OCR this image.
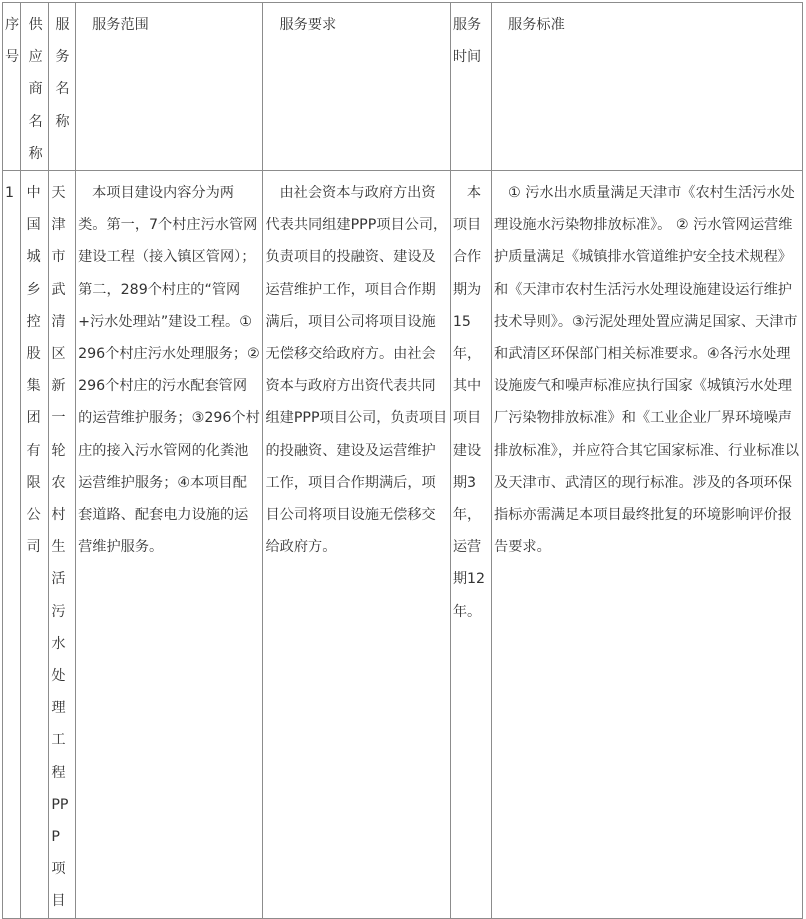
序号	供应商名称	服务名称	服务范围	服务要求	服务时间	服务标准
1	中国城乡控股集团有限公司	天津市武清区新一轮农村生活污水处理工程PPP项目	本项目建设内容分为两类。第一，7个村庄污水管网建设工程（接入镇区管网）；第二，289个村庄的“管网+污水处理站”建设工程。①296个村庄污水处理服务；②296个村庄的污水配套管网的运营维护服务；③296个村庄的接入污水管网的化粪池运营维护服务；④本项目配套道路、配套电力设施的运营维护服务。	由社会资本与政府方出资代表共同组建PPP项目公司，负责项目的投融资、建设及运营维护工作，项目合作期满后，项目公司将项目设施无偿移交给政府方。由社会资本与政府方出资代表共同组建PPP项目公司，负责项目的投融资、建设及运营维护工作，项目合作期满后，项目公司将项目设施无偿移交给政府方。	本项目合作期为15年，其中项目建设期3年，运营期12年。	① 污水出水质量满足天津市《农村生活污水处理设施水污染物排放标准》。 ② 污水管网运营维护质量满足《城镇排水管道维护安全技术规程》和《天津市农村生活污水处理设施建设运行维护技术导则》。③污泥处理处置应满足国家、天津市和武清区环保部门相关标准要求。④各污水处理设施废气和噪声标准应执行国家《城镇污水处理厂污染物排放标准》和《工业企业厂界环境噪声排放标准》，并应符合其它国家标准、行业标准以及天津市、武清区的现行标准。涉及的各项环保指标亦需满足本项目最终批复的环境影响评价报告要求。
